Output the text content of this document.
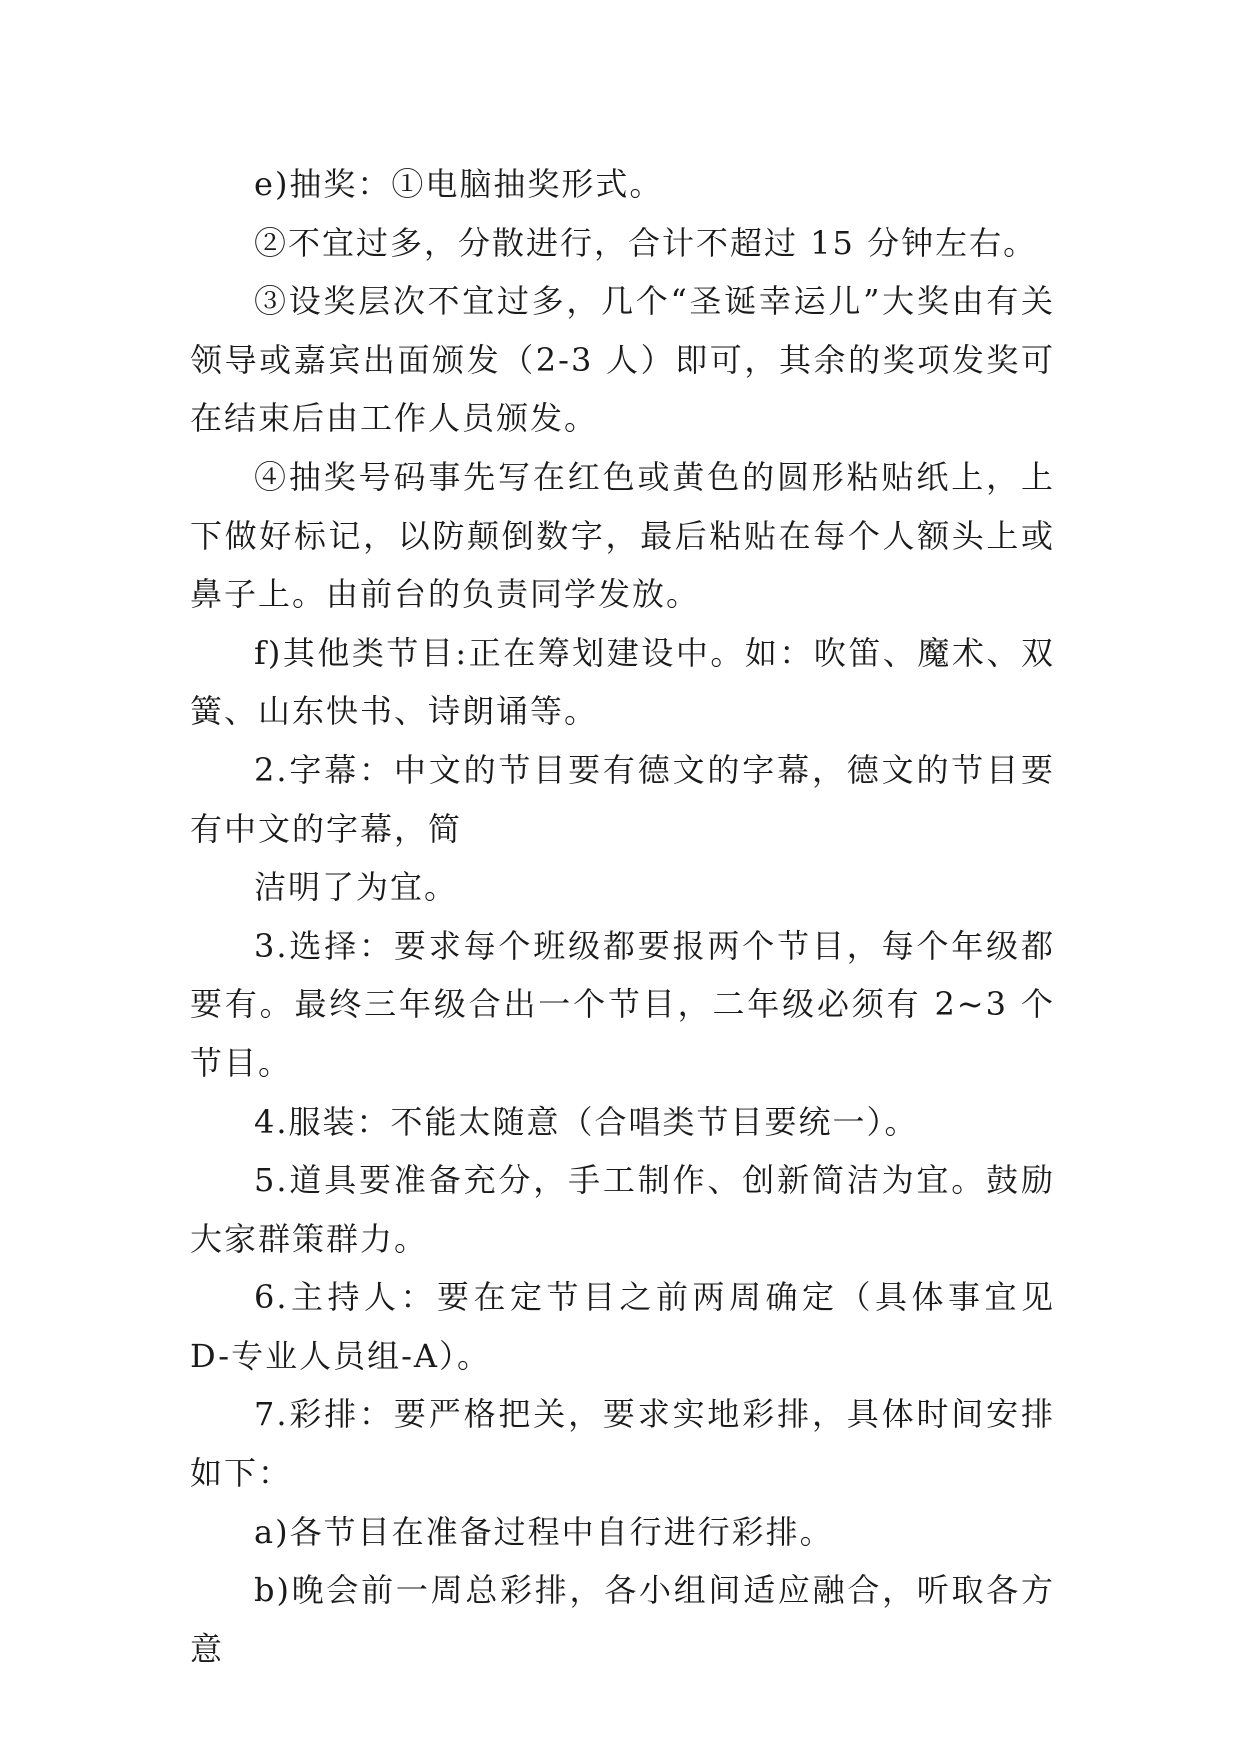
e)抽奖：①电脑抽奖形式。

②不宜过多，分散进行，合计不超过 15 分钟左右。

③设奖层次不宜过多，几个“圣诞幸运儿”大奖由有关领导或嘉宾出面颁发（2-3 人）即可，其余的奖项发奖可在结束后由工作人员颁发。

④抽奖号码事先写在红色或黄色的圆形粘贴纸上，上下做好标记，以防颠倒数字，最后粘贴在每个人额头上或鼻子上。由前台的负责同学发放。

f)其他类节目:正在筹划建设中。如：吹笛、魔术、双簧、山东快书、诗朗诵等。

2.字幕：中文的节目要有德文的字幕，德文的节目要有中文的字幕，简

洁明了为宜。

3.选择：要求每个班级都要报两个节目，每个年级都要有。最终三年级合出一个节目，二年级必须有 2~3 个节目。

4.服装：不能太随意（合唱类节目要统一）。

5.道具要准备充分，手工制作、创新简洁为宜。鼓励大家群策群力。

6.主持人：要在定节目之前两周确定（具体事宜见 D-专业人员组-A）。

7.彩排：要严格把关，要求实地彩排，具体时间安排如下：

a)各节目在准备过程中自行进行彩排。

b)晚会前一周总彩排，各小组间适应融合，听取各方意
